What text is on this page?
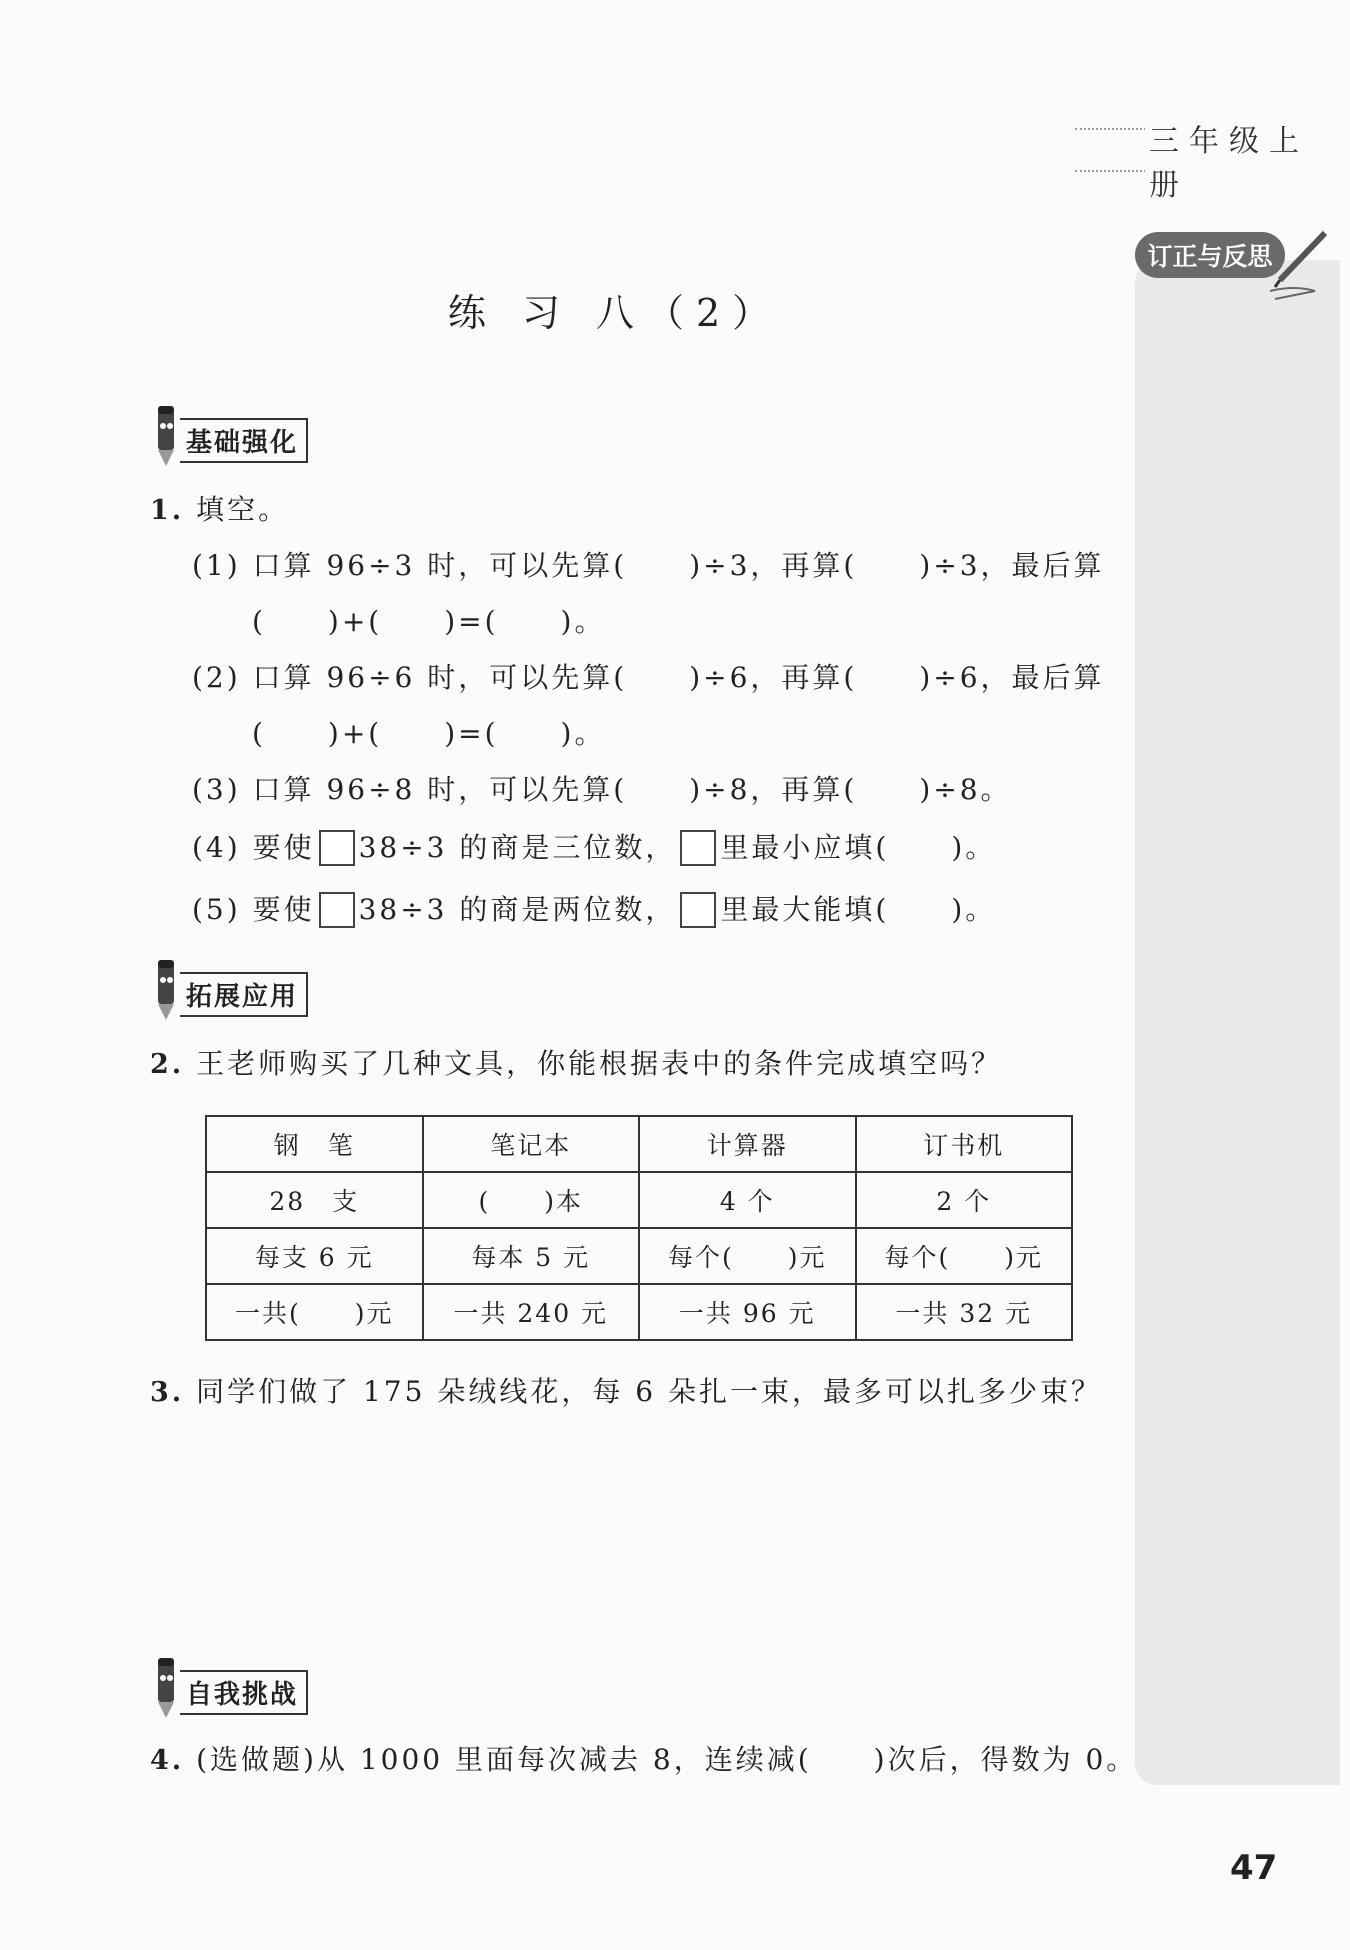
三年级上册
订正与反思
练 习 八（2）
基础强化
1. 填空。
(1) 口算 96÷3 时，可以先算(　　)÷3，再算(　　)÷3，最后算
(　　)+(　　)=(　　)。
(2) 口算 96÷6 时，可以先算(　　)÷6，再算(　　)÷6，最后算
(　　)+(　　)=(　　)。
(3) 口算 96÷8 时，可以先算(　　)÷8，再算(　　)÷8。
(4) 要使 38÷3 的商是三位数， 里最小应填(　　)。
(5) 要使 38÷3 的商是两位数， 里最大能填(　　)。
拓展应用
2. 王老师购买了几种文具，你能根据表中的条件完成填空吗？
钢　笔	笔记本	计算器	订书机
28　支	(　　)本	4 个	2 个
每支 6 元	每本 5 元	每个(　　)元	每个(　　)元
一共(　　)元	一共 240 元	一共 96 元	一共 32 元
3. 同学们做了 175 朵绒线花，每 6 朵扎一束，最多可以扎多少束？
自我挑战
4. (选做题)从 1000 里面每次减去 8，连续减(　　)次后，得数为 0。
47
